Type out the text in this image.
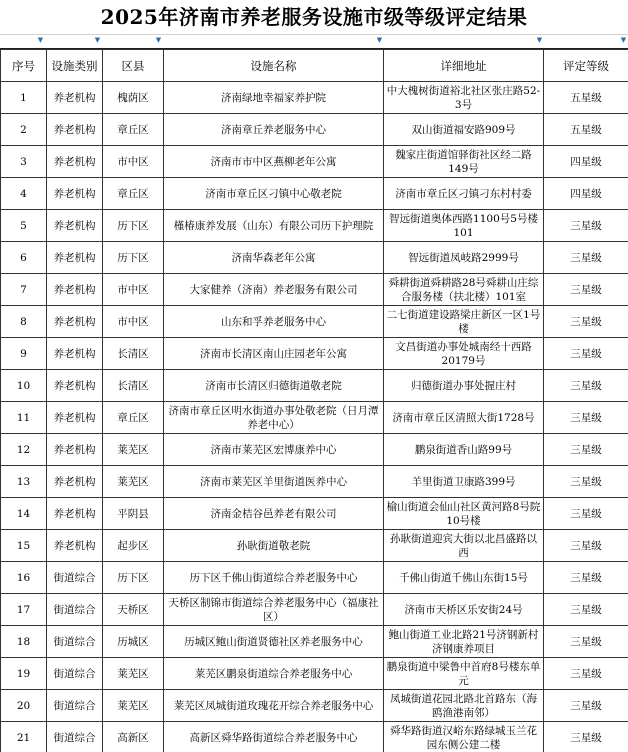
2025年济南市养老服务设施市级等级评定结果
▼	▼	▼	▼	▼	▼
序号	设施类别	区县	设施名称	详细地址	评定等级
1	养老机构	槐荫区	济南绿地幸福家养护院	中大槐树街道裕北社区张庄路52-3号	五星级
2	养老机构	章丘区	济南章丘养老服务中心	双山街道福安路909号	五星级
3	养老机构	市中区	济南市市中区燕柳老年公寓	魏家庄街道馆驿街社区经二路149号	四星级
4	养老机构	章丘区	济南市章丘区刁镇中心敬老院	济南市章丘区刁镇刁东村村委	四星级
5	养老机构	历下区	槿椿康养发展（山东）有限公司历下护理院	智远街道奥体西路1100号5号楼101	三星级
6	养老机构	历下区	济南华森老年公寓	智远街道凤岐路2999号	三星级
7	养老机构	市中区	大家健养（济南）养老服务有限公司	舜耕街道舜耕路28号舜耕山庄综合服务楼（扶北楼）101室	三星级
8	养老机构	市中区	山东和孚养老服务中心	二七街道建设路梁庄新区一区1号楼	三星级
9	养老机构	长清区	济南市长清区南山庄园老年公寓	文昌街道办事处城南经十西路20179号	三星级
10	养老机构	长清区	济南市长清区归德街道敬老院	归德街道办事处握庄村	三星级
11	养老机构	章丘区	济南市章丘区明水街道办事处敬老院（日月潭养老中心）	济南市章丘区清照大街1728号	三星级
12	养老机构	莱芜区	济南市莱芜区宏博康养中心	鹏泉街道香山路99号	三星级
13	养老机构	莱芜区	济南市莱芜区羊里街道医养中心	羊里街道卫康路399号	三星级
14	养老机构	平阴县	济南金桔谷邑养老有限公司	榆山街道会仙山社区黄河路8号院10号楼	三星级
15	养老机构	起步区	孙耿街道敬老院	孙耿街道迎宾大街以北昌盛路以西	三星级
16	街道综合	历下区	历下区千佛山街道综合养老服务中心	千佛山街道千佛山东街15号	三星级
17	街道综合	天桥区	天桥区制锦市街道综合养老服务中心（福康社区）	济南市天桥区乐安街24号	三星级
18	街道综合	历城区	历城区鲍山街道贤德社区养老服务中心	鲍山街道工业北路21号济钢新村济钢康养项目	三星级
19	街道综合	莱芜区	莱芜区鹏泉街道综合养老服务中心	鹏泉街道中梁鲁中首府8号楼东单元	三星级
20	街道综合	莱芜区	莱芜区凤城街道玫瑰花开综合养老服务中心	凤城街道花园北路北首路东（海鸥渔港南邻）	三星级
21	街道综合	高新区	高新区舜华路街道综合养老服务中心	舜华路街道汉峪东路绿城玉兰花园东侧公建二楼	三星级
